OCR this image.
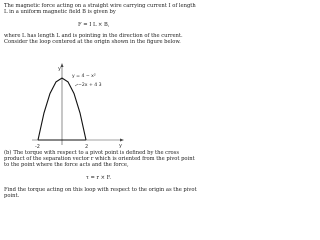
The magnetic force acting on a straight wire carrying current I of length L in a uniform magnetic field B is given by

F = I L × B,

where L has length L and is pointing in the direction of the current. Consider the loop centered at the origin shown in the figure below.

y
y
-2	2
y = 4 − x²
−2x + 4 3

(b) The torque with respect to a pivot point is defined by the cross product of the separation vector r which is oriented from the pivot point to the point where the force acts and the force,

τ = r × F.

Find the torque acting on this loop with respect to the origin as the pivot point.
